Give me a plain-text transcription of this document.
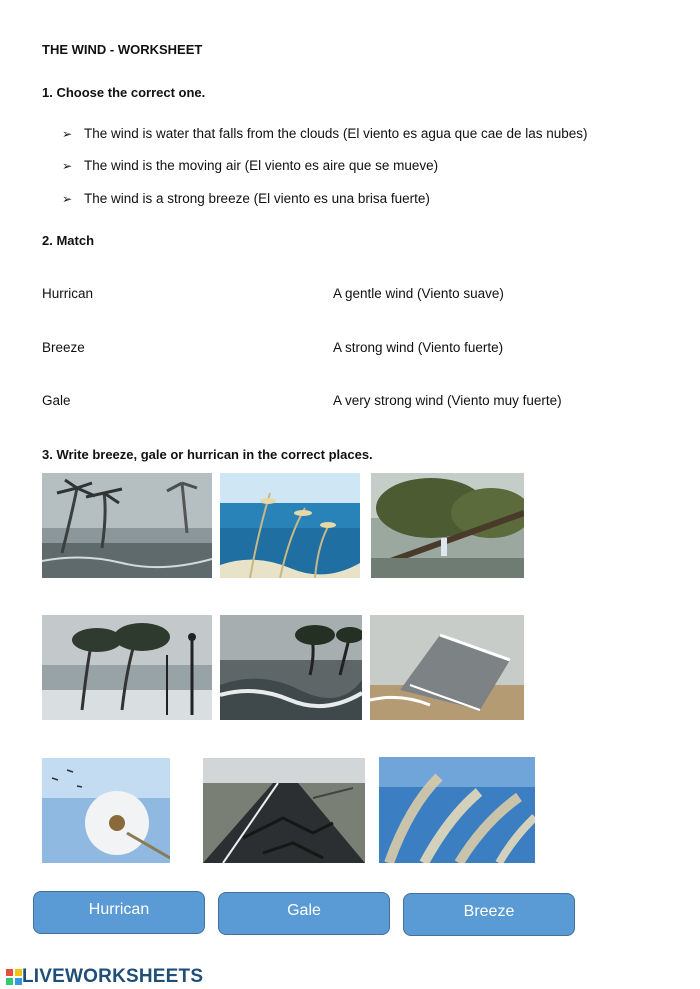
THE WIND - WORKSHEET
1. Choose the correct one.
➢ The wind is water that falls from the clouds (El viento es agua que cae de las nubes)
➢ The wind is the moving air (El viento es aire que se mueve)
➢ The wind is a strong breeze (El viento es una brisa fuerte)
2. Match
Hurrican	A gentle wind (Viento suave)
Breeze	A strong wind (Viento fuerte)
Gale	A very strong wind (Viento muy fuerte)
3. Write breeze, gale or hurrican in the correct places.
Hurrican	Gale	Breeze
LIVEWORKSHEETS
